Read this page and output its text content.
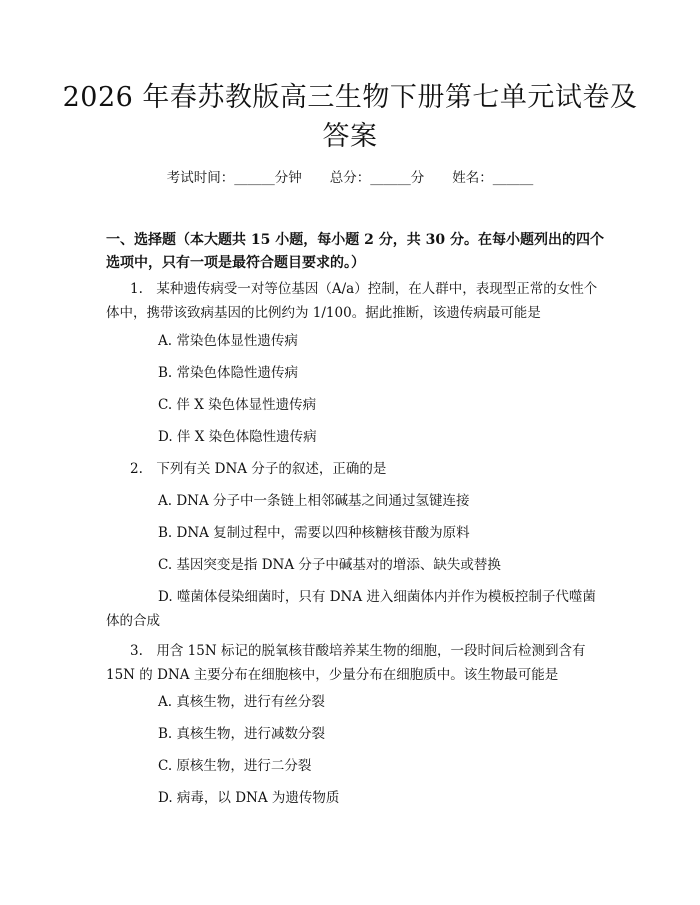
2026 年春苏教版高三生物下册第七单元试卷及答案
考试时间：______分钟 总分：______分 姓名：______
一、选择题（本大题共 15 小题，每小题 2 分，共 30 分。在每小题列出的四个选项中，只有一项是最符合题目要求的。）
1.　某种遗传病受一对等位基因（A/a）控制，在人群中，表现型正常的女性个体中，携带该致病基因的比例约为 1/100。据此推断，该遗传病最可能是
A. 常染色体显性遗传病
B. 常染色体隐性遗传病
C. 伴 X 染色体显性遗传病
D. 伴 X 染色体隐性遗传病
2.　下列有关 DNA 分子的叙述，正确的是
A. DNA 分子中一条链上相邻碱基之间通过氢键连接
B. DNA 复制过程中，需要以四种核糖核苷酸为原料
C. 基因突变是指 DNA 分子中碱基对的增添、缺失或替换
D. 噬菌体侵染细菌时，只有 DNA 进入细菌体内并作为模板控制子代噬菌体的合成
3.　用含 15N 标记的脱氧核苷酸培养某生物的细胞，一段时间后检测到含有 15N 的 DNA 主要分布在细胞核中，少量分布在细胞质中。该生物最可能是
A. 真核生物，进行有丝分裂
B. 真核生物，进行减数分裂
C. 原核生物，进行二分裂
D. 病毒，以 DNA 为遗传物质
